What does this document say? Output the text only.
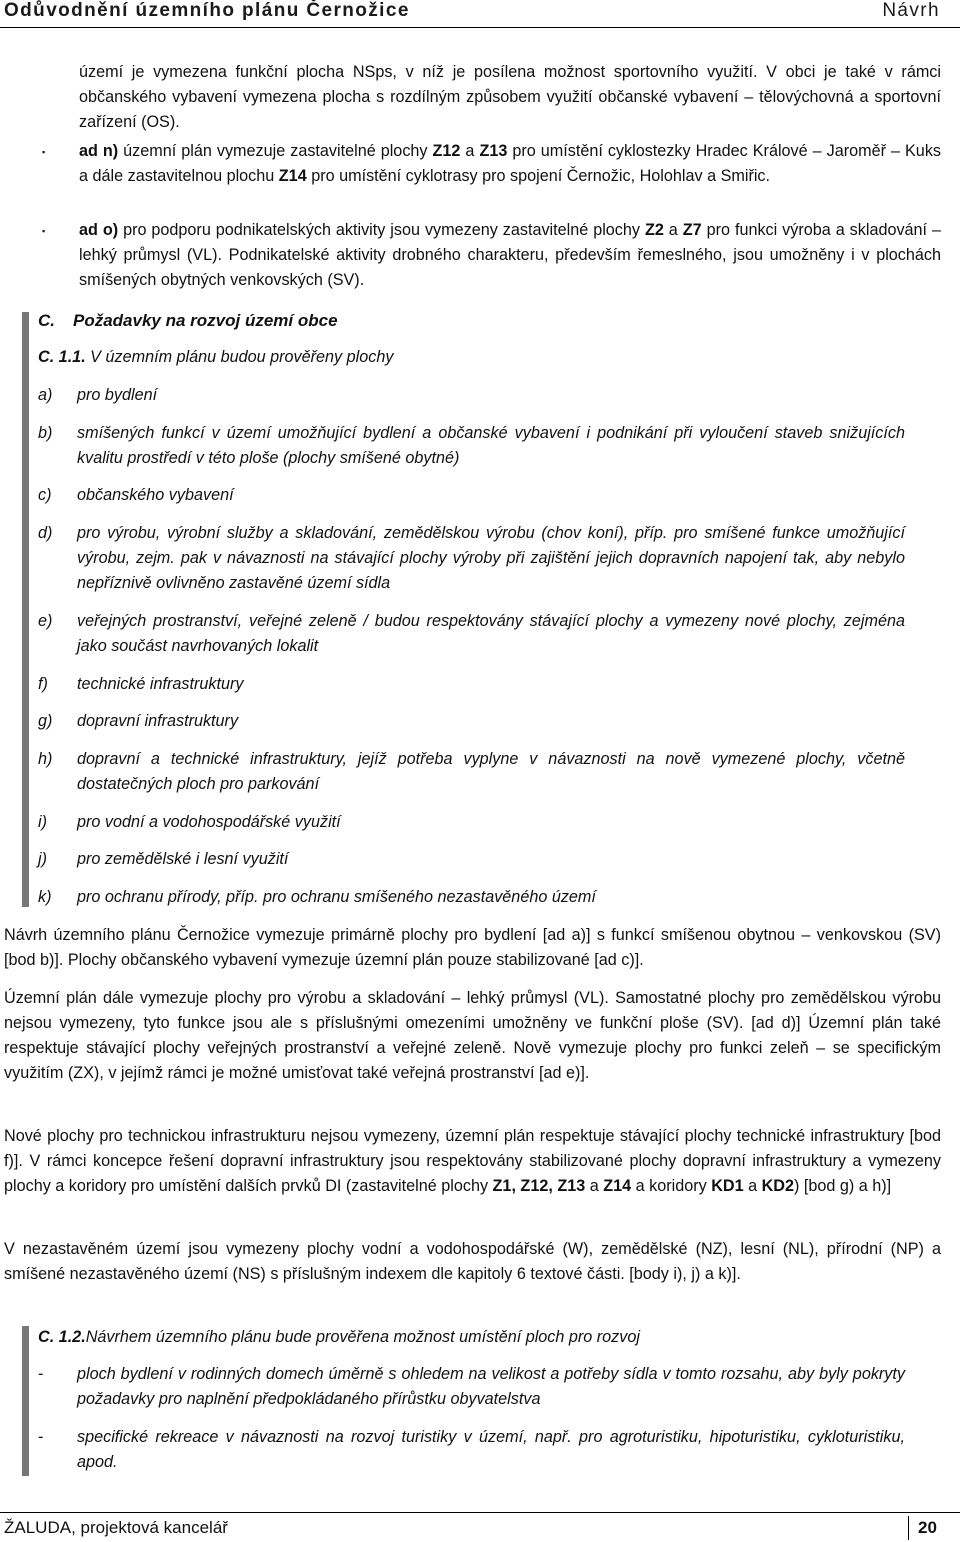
Odůvodnění územního plánu Černožice	Návrh
území je vymezena funkční plocha NSps, v níž je posílena možnost sportovního využití. V obci je také v rámci občanského vybavení vymezena plocha s rozdílným způsobem využití občanské vybavení – tělovýchovná a sportovní zařízení (OS).
▪ ad n) územní plán vymezuje zastavitelné plochy Z12 a Z13 pro umístění cyklostezky Hradec Králové – Jaroměř – Kuks a dále zastavitelnou plochu Z14 pro umístění cyklotrasy pro spojení Černožic, Holohlav a Smiřic.
▪ ad o) pro podporu podnikatelských aktivity jsou vymezeny zastavitelné plochy Z2 a Z7 pro funkci výroba a skladování – lehký průmysl (VL). Podnikatelské aktivity drobného charakteru, především řemeslného, jsou umožněny i v plochách smíšených obytných venkovských (SV).
C. Požadavky na rozvoj území obce
C. 1.1. V územním plánu budou prověřeny plochy
a) pro bydlení
b) smíšených funkcí v území umožňující bydlení a občanské vybavení i podnikání při vyloučení staveb snižujících kvalitu prostředí v této ploše (plochy smíšené obytné)
c) občanského vybavení
d) pro výrobu, výrobní služby a skladování, zemědělskou výrobu (chov koní), příp. pro smíšené funkce umožňující výrobu, zejm. pak v návaznosti na stávající plochy výroby při zajištění jejich dopravních napojení tak, aby nebylo nepříznivě ovlivněno zastavěné území sídla
e) veřejných prostranství, veřejné zeleně / budou respektovány stávající plochy a vymezeny nové plochy, zejména jako součást navrhovaných lokalit
f) technické infrastruktury
g) dopravní infrastruktury
h) dopravní a technické infrastruktury, jejíž potřeba vyplyne v návaznosti na nově vymezené plochy, včetně dostatečných ploch pro parkování
i) pro vodní a vodohospodářské využití
j) pro zemědělské i lesní využití
k) pro ochranu přírody, příp. pro ochranu smíšeného nezastavěného území
Návrh územního plánu Černožice vymezuje primárně plochy pro bydlení [ad a)] s funkcí smíšenou obytnou – venkovskou (SV) [bod b)]. Plochy občanského vybavení vymezuje územní plán pouze stabilizované [ad c)].
Územní plán dále vymezuje plochy pro výrobu a skladování – lehký průmysl (VL). Samostatné plochy pro zemědělskou výrobu nejsou vymezeny, tyto funkce jsou ale s příslušnými omezeními umožněny ve funkční ploše (SV). [ad d)] Územní plán také respektuje stávající plochy veřejných prostranství a veřejné zeleně. Nově vymezuje plochy pro funkci zeleň – se specifickým využitím (ZX), v jejímž rámci je možné umisťovat také veřejná prostranství [ad e)].
Nové plochy pro technickou infrastrukturu nejsou vymezeny, územní plán respektuje stávající plochy technické infrastruktury [bod f)]. V rámci koncepce řešení dopravní infrastruktury jsou respektovány stabilizované plochy dopravní infrastruktury a vymezeny plochy a koridory pro umístění dalších prvků DI (zastavitelné plochy Z1, Z12, Z13 a Z14 a koridory KD1 a KD2) [bod g) a h)]
V nezastavěném území jsou vymezeny plochy vodní a vodohospodářské (W), zemědělské (NZ), lesní (NL), přírodní (NP) a smíšené nezastavěného území (NS) s příslušným indexem dle kapitoly 6 textové části. [body i), j) a k)].
C. 1.2.Návrhem územního plánu bude prověřena možnost umístění ploch pro rozvoj
- ploch bydlení v rodinných domech úměrně s ohledem na velikost a potřeby sídla v tomto rozsahu, aby byly pokryty požadavky pro naplnění předpokládaného přírůstku obyvatelstva
- specifické rekreace v návaznosti na rozvoj turistiky v území, např. pro agroturistiku, hipoturistiku, cykloturistiku, apod.
ŽALUDA, projektová kancelář	20
